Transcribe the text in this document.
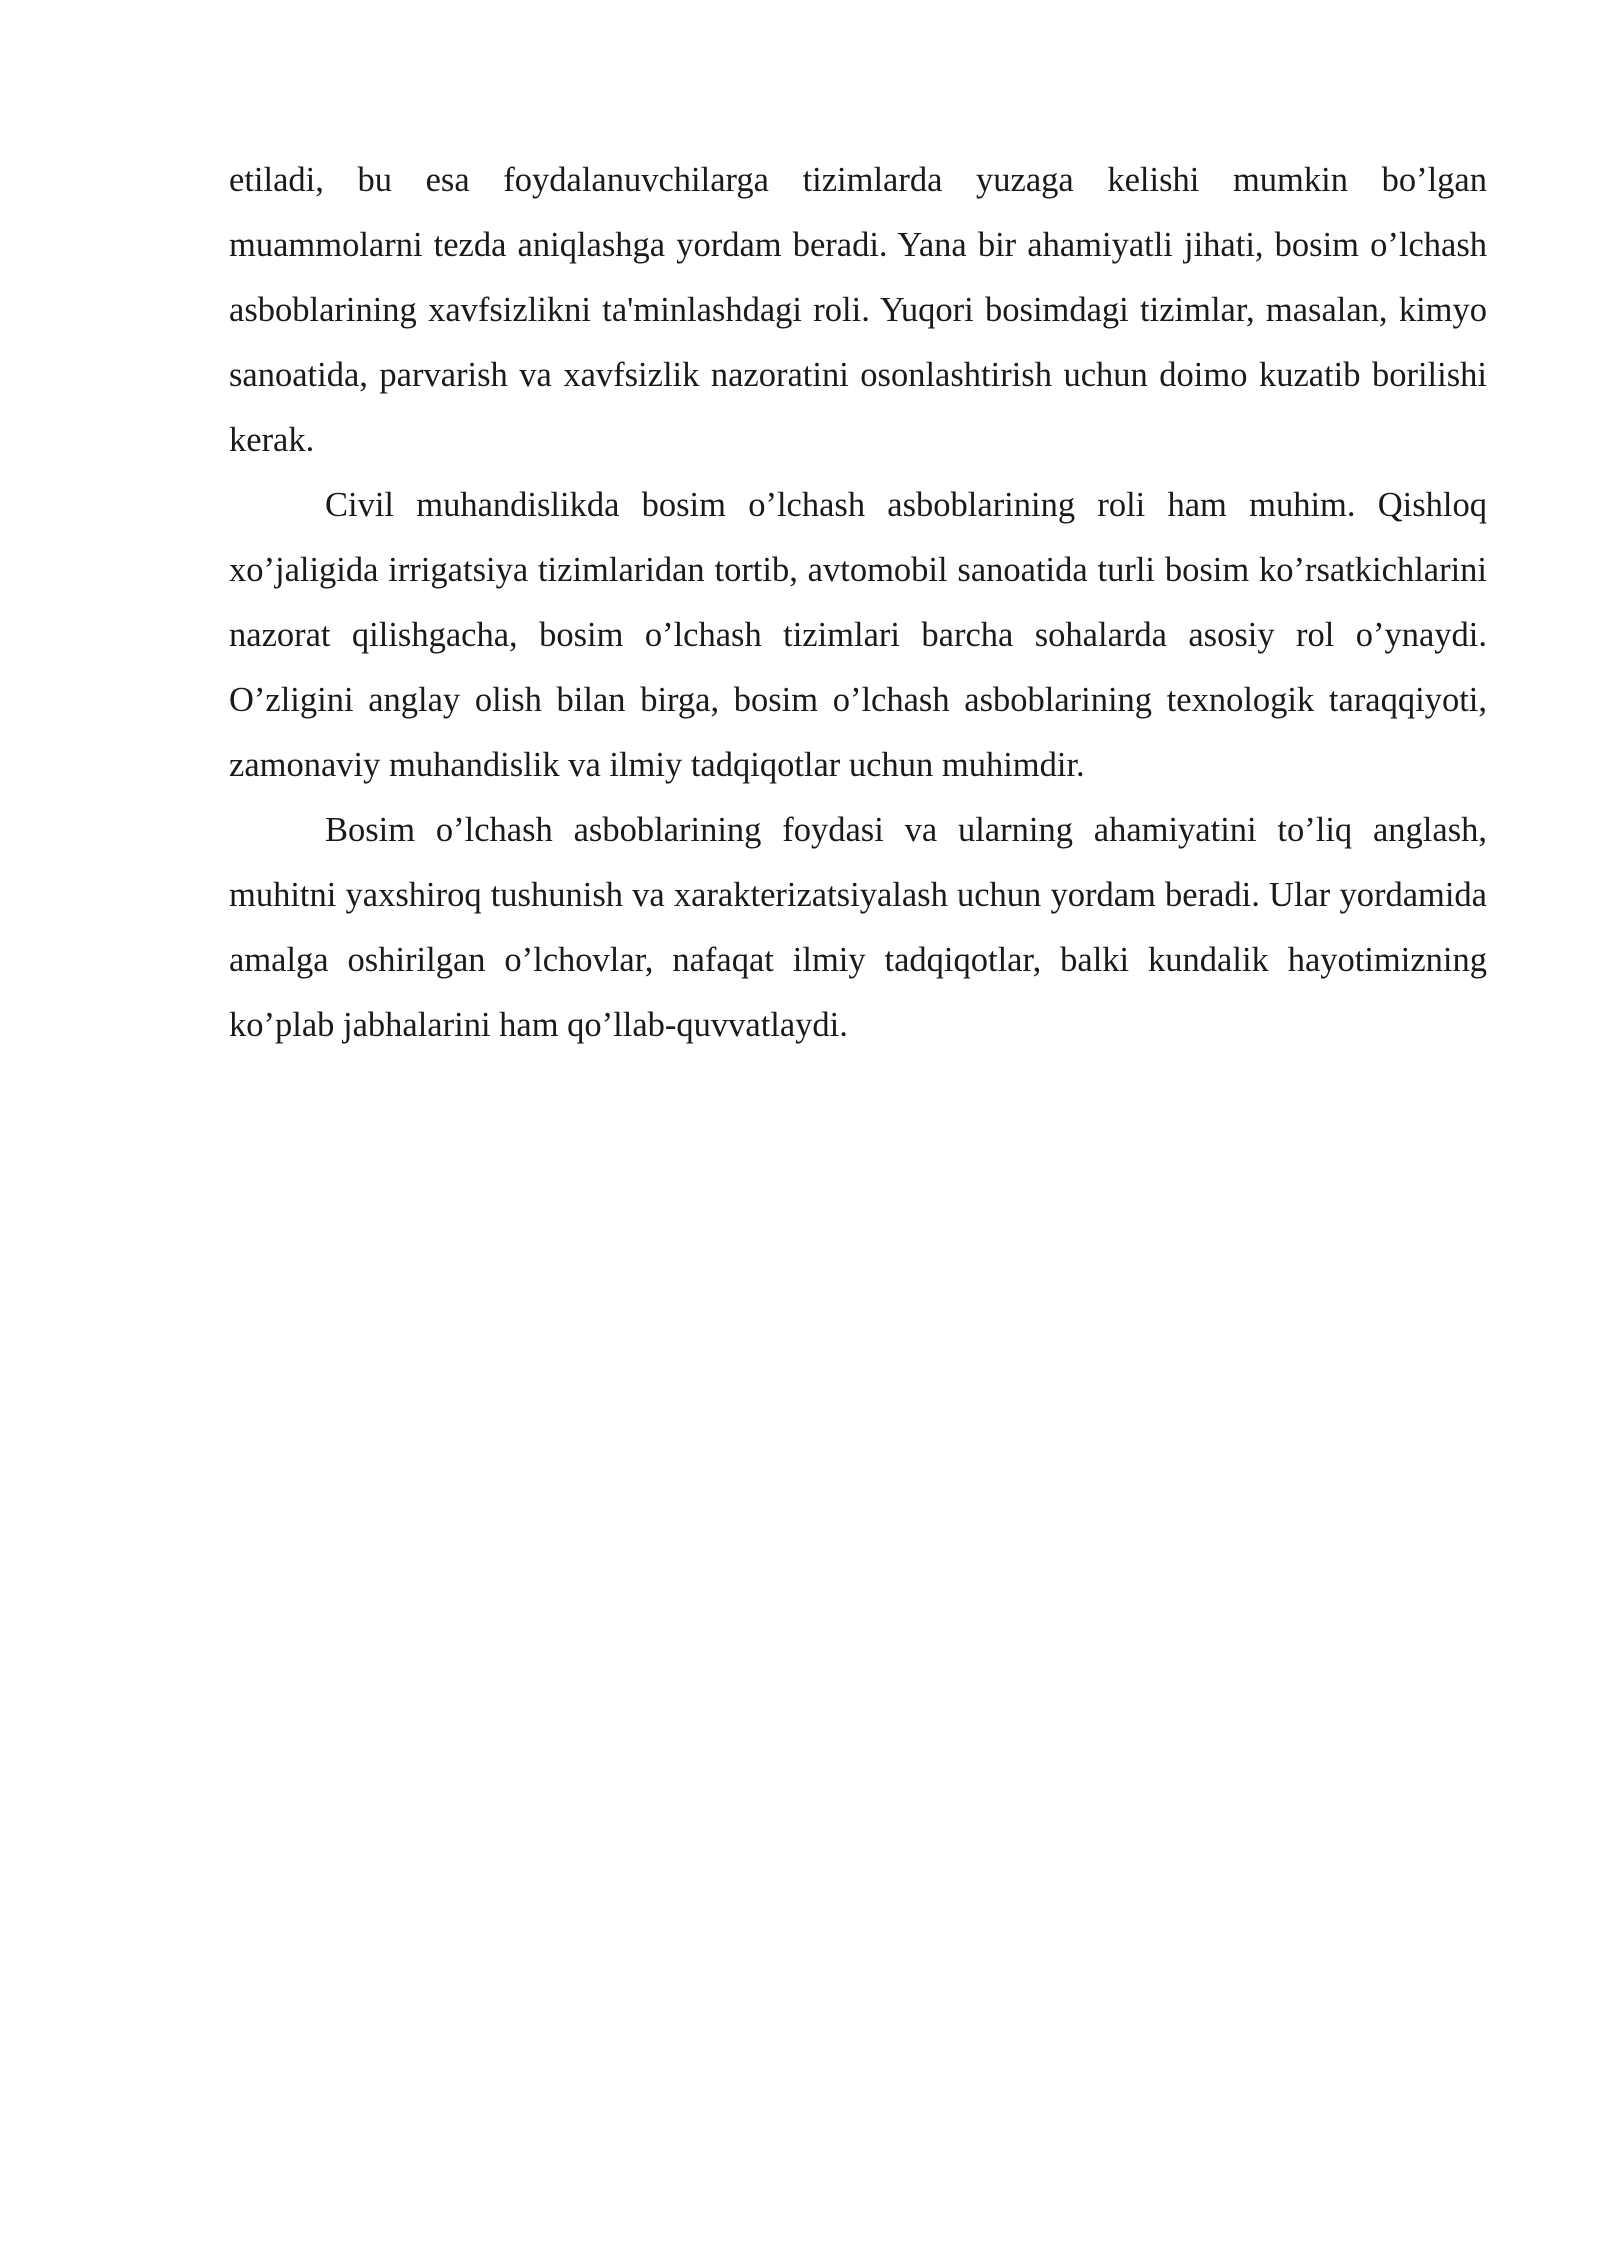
etiladi, bu esa foydalanuvchilarga tizimlarda yuzaga kelishi mumkin bo’lgan muammolarni tezda aniqlashga yordam beradi. Yana bir ahamiyatli jihati, bosim o’lchash asboblarining xavfsizlikni ta'minlashdagi roli. Yuqori bosimdagi tizimlar, masalan, kimyo sanoatida, parvarish va xavfsizlik nazoratini osonlashtirish uchun doimo kuzatib borilishi kerak.

Civil muhandislikda bosim o’lchash asboblarining roli ham muhim. Qishloq xo’jaligida irrigatsiya tizimlaridan tortib, avtomobil sanoatida turli bosim ko’rsatkichlarini nazorat qilishgacha, bosim o’lchash tizimlari barcha sohalarda asosiy rol o’ynaydi. O’zligini anglay olish bilan birga, bosim o’lchash asboblarining texnologik taraqqiyoti, zamonaviy muhandislik va ilmiy tadqiqotlar uchun muhimdir.

Bosim o’lchash asboblarining foydasi va ularning ahamiyatini to’liq anglash, muhitni yaxshiroq tushunish va xarakterizatsiyalash uchun yordam beradi. Ular yordamida amalga oshirilgan o’lchovlar, nafaqat ilmiy tadqiqotlar, balki kundalik hayotimizning ko’plab jabhalarini ham qo’llab-quvvatlaydi.
